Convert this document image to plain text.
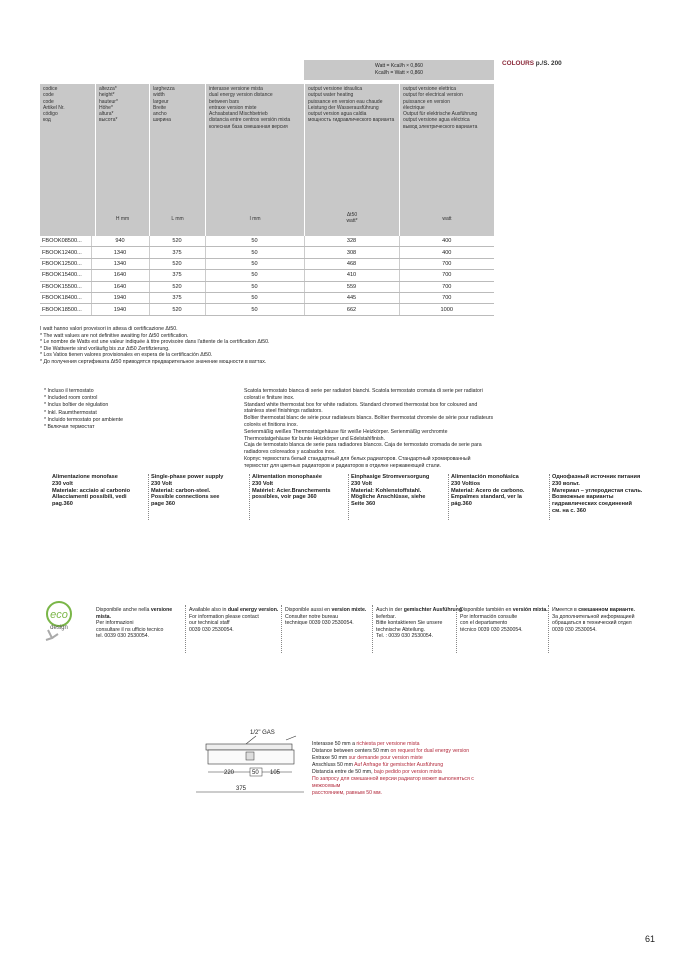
COLOURS p./S. 200
Watt = Kcal/h × 0,860
Kcal/h = Watt × 0,860
codice
code
code
Artikel Nr.
código
код
altezza*
height*
hauteur*
Höhe*
altura*
высота*
H mm
larghezza
width
largeur
Breite
ancho
ширина
L mm
interasse versione mista
dual energy version distance
between bars
entraxe version mixte
Achsabstand Mischbetrieb
distancia entre centros versión mixta
колесная база смешанная версия
I mm
output versione idraulica
output water heating
puissance en version eau chaude
Leistung der Wasserausführung
output version agua caldia
мощность гидравлического варианта
Δt50
watt*
output versione elettrica
output for electrical version
puissance en version
électrique
Output für elektrische Ausführung
output versione agua eléctrica
вывод электрического варианта
watt
FBOOK08500...	940	520	50	328	400
FBOOK12400...	1340	375	50	308	400
FBOOK12500...	1340	520	50	468	700
FBOOK15400...	1640	375	50	410	700
FBOOK15500...	1640	520	50	559	700
FBOOK18400...	1940	375	50	445	700
FBOOK18500...	1940	520	50	662	1000
I watt hanno valori provvisori in attesa di certificazione Δt50.
* The watt values are not definitive awaiting for Δt50 certification.
* Le nombre de Watts est une valeur indiquée à titre provisoire dans l'attente de la certification Δt50.
* Die Wattwerte sind vorläufig bis zur Δt50 Zertifizierung.
* Los Vatios tienen valores provisionales en espera de la certificación Δt50.
* До получения сертификата Δt50 приводятся предварительное значение мощности в ваттах.
* Incluso il termostato
* Included room control
* Inclus boîtier de régulation
* Inkl. Raumthermostat
* Incluido termostato por ambiente
* Включая термостат
Scatola termostato bianca di serie per radiatori bianchi. Scatola termostato cromata di serie per radiatori colorati e finiture inox.
Standard white thermostat box for white radiators. Standard chromed thermostat box for coloured and stainless steel finishings radiators.
Boîtier thermostat blanc de série pour radiateurs blancs. Boîtier thermostat chromée de série pour radiateurs colorés et finitions inox.
Serienmäßig weißes Thermostatgehäuse für weiße Heizkörper. Serienmäßig verchromte Thermostatgehäuse für bunte Heizkörper und Edelstahlfinish.
Caja de termostato blanca de serie para radiadores blancos. Caja de termostato cromada de serie para radiadores coloreados y acabados inox.
Корпус термостата белый стандартный для белых радиаторов. Стандартный хромированный термостат для цветных радиаторов и радиаторов в отделке нержавеющей стали.
Alimentazione monofase
230 volt
Materiale: acciaio al carbonio
Allacciamenti possibili, vedi
pag.360
Single-phase power supply
230 Volt
Material: carbon-steel.
Possible connections see
page 360
Alimentation monophasée
230 Volt
Matériel: Acier.Branchements
possibles, voir page 360
Einphasige Stromversorgung
230 Volt
Material: Kohlenstoffstahl.
Mögliche Anschlüsse, siehe
Seite 360
Alimentación monofásica
230 Voltios
Material: Acero de carbono.
Empalmes standard, ver la
pág.360
Однофазный источник питания
230 вольт.
Материал – углеродистая сталь.
Возможные варианты
гидравлических соединений
см. на с. 360
eco
design
Disponibile anche nella versione mista.
Per informazioni
consultare il ns ufficio tecnico
tel. 0039 030 2530054.
Available also in dual energy version.
For information please contact
our technical staff
0039 030 2530054.
Disponible aussi en version mixte.
Consulter notre bureau
technique 0039 030 2530054.
Auch in der gemischter Ausführung
lieferbar.
Bitte kontaktieren Sie unsere
technische Abteilung.
Tel. : 0039 030 2530054.
Disponible también en versión mixta.
Por información consulte
con el departamento
técnico 0039 030 2530054.
Имеется в смешанном варианте.
За дополнительной информацией
обращаться в технический отдел
0039 030 2530054.
1/2" GAS
220	50 105
375
Interasse 50 mm a richiesta per versione mista
Distance between centers 50 mm on request for dual energy version
Entraxe 50 mm sur demande pour version mixte
Anschluss 50 mm Auf Anfrage für gemischter Ausführung
Distancia entre de 50 mm, bajo pedido por version mixta
По запросу для смешанной версии радиатор может выполняться с межосевым
расстоянием, равным 50 мм.
61
